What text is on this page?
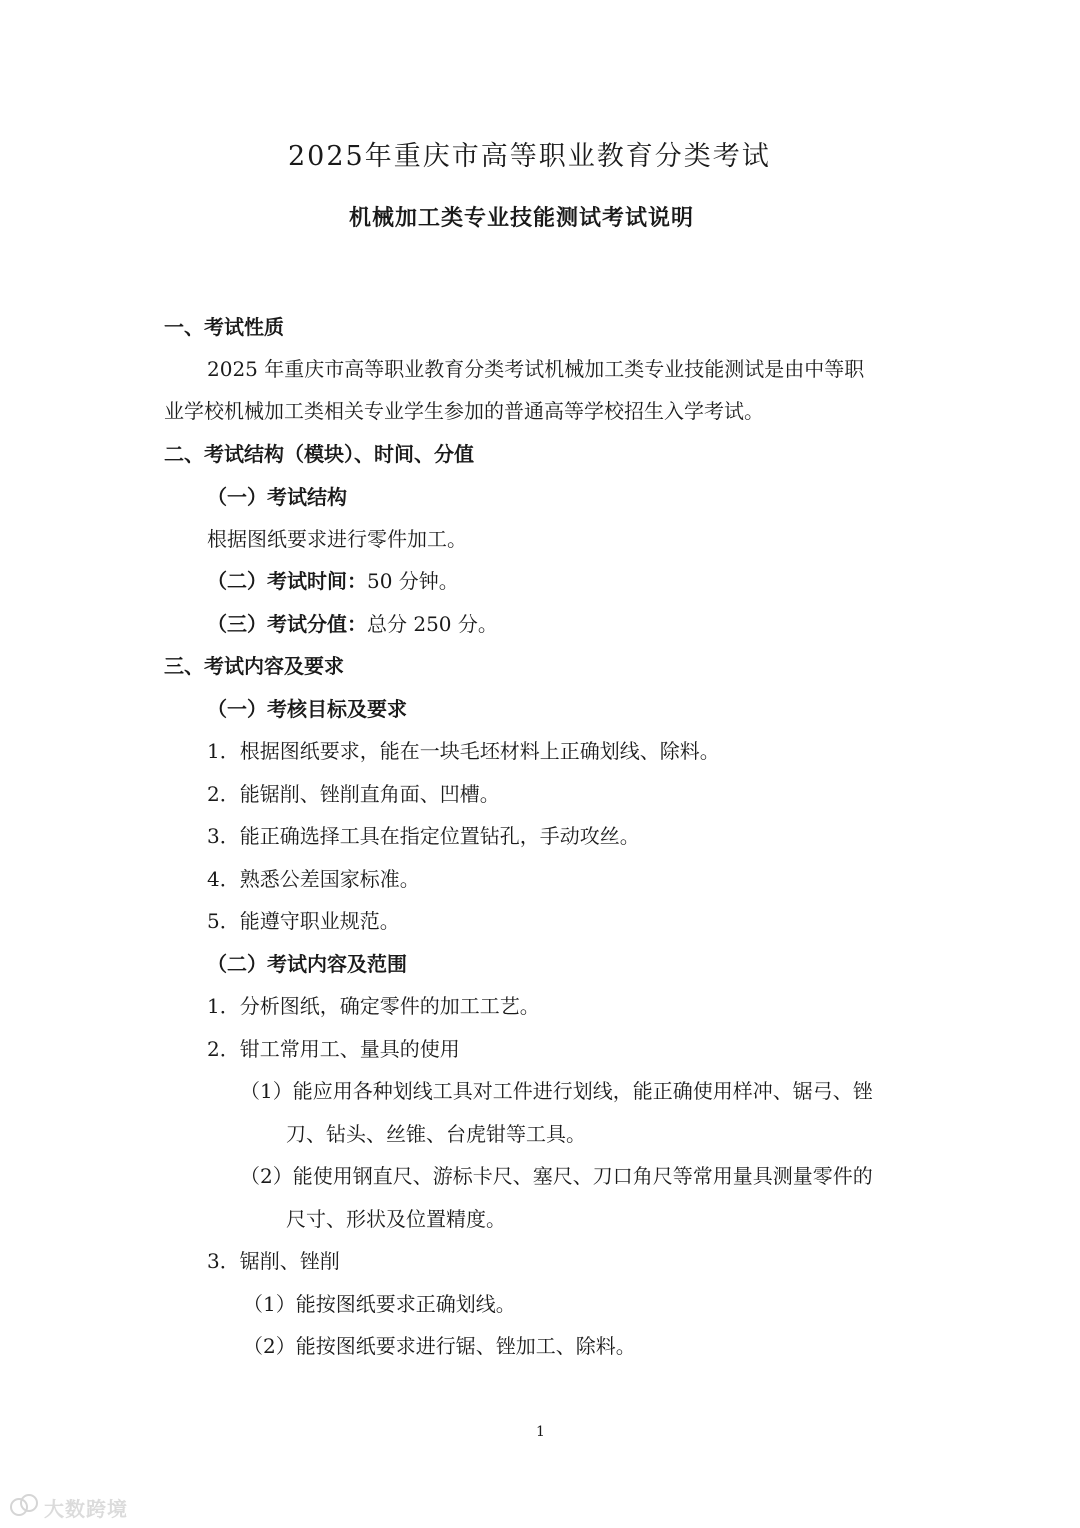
2025年重庆市高等职业教育分类考试
机械加工类专业技能测试考试说明
一、考试性质
2025 年重庆市高等职业教育分类考试机械加工类专业技能测试是由中等职
业学校机械加工类相关专业学生参加的普通高等学校招生入学考试。
二、考试结构（模块）、时间、分值
（一）考试结构
根据图纸要求进行零件加工。
（二）考试时间：50 分钟。
（三）考试分值：总分 250 分。
三、考试内容及要求
（一）考核目标及要求
1．根据图纸要求，能在一块毛坯材料上正确划线、除料。
2．能锯削、锉削直角面、凹槽。
3．能正确选择工具在指定位置钻孔，手动攻丝。
4．熟悉公差国家标准。
5．能遵守职业规范。
（二）考试内容及范围
1．分析图纸，确定零件的加工工艺。
2．钳工常用工、量具的使用
（1）能应用各种划线工具对工件进行划线，能正确使用样冲、锯弓、锉
刀、钻头、丝锥、台虎钳等工具。
（2）能使用钢直尺、游标卡尺、塞尺、刀口角尺等常用量具测量零件的
尺寸、形状及位置精度。
3．锯削、锉削
（1）能按图纸要求正确划线。
（2）能按图纸要求进行锯、锉加工、除料。
1
大数跨境
